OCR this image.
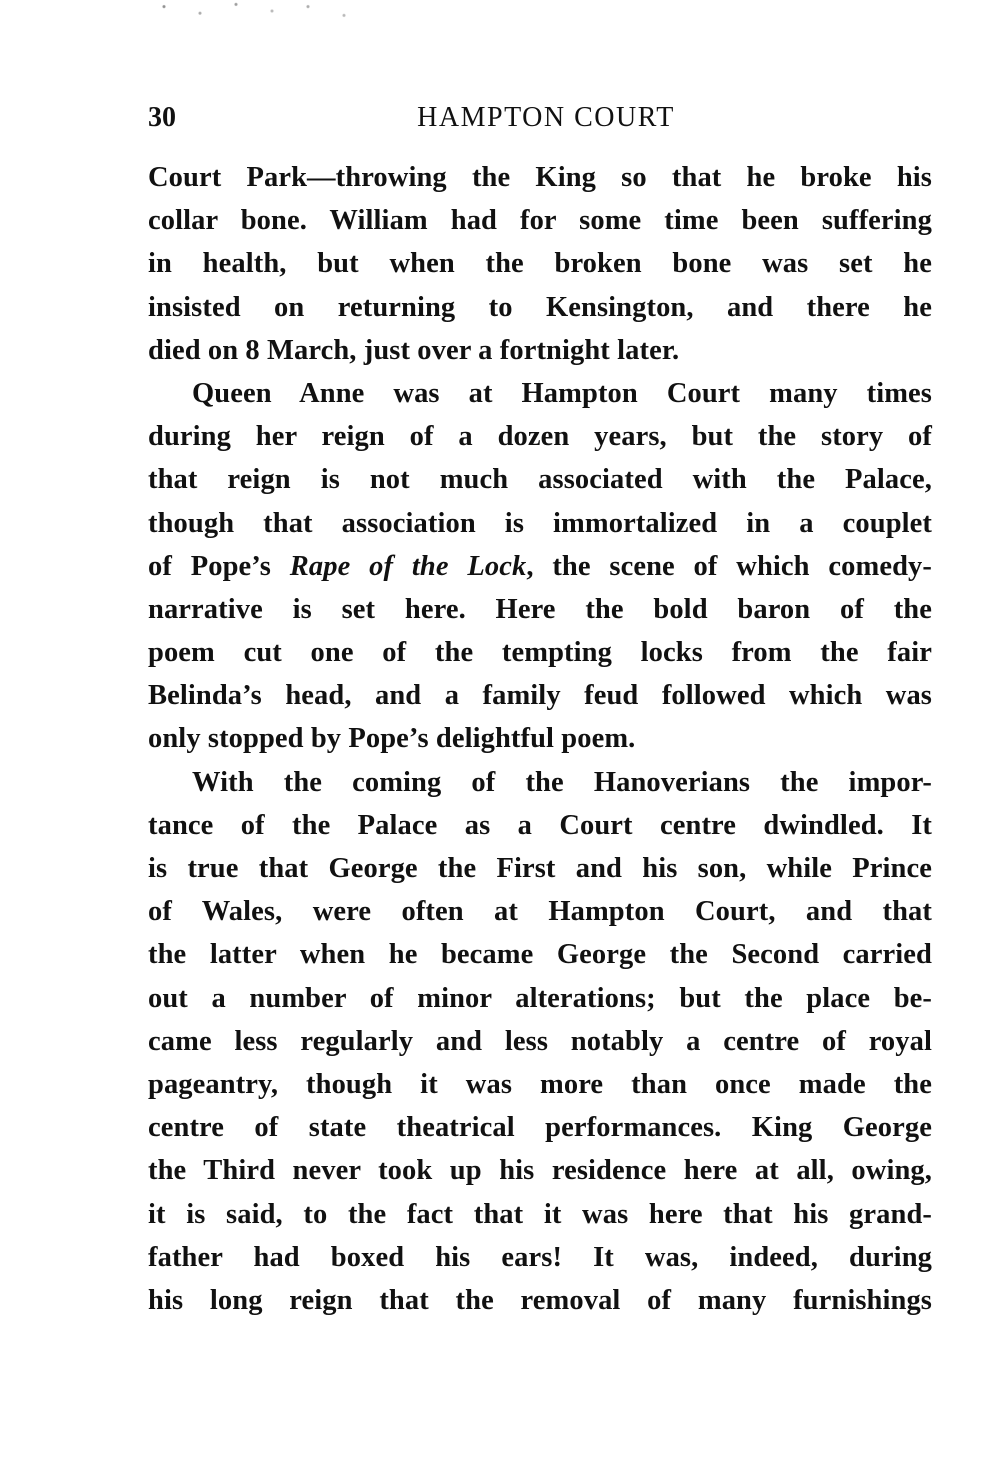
30	HAMPTON COURT
Court Park—throwing the King so that he broke his
collar bone. William had for some time been suffering
in health, but when the broken bone was set he
insisted on returning to Kensington, and there he
died on 8 March, just over a fortnight later.
Queen Anne was at Hampton Court many times
during her reign of a dozen years, but the story of
that reign is not much associated with the Palace,
though that association is immortalized in a couplet
of Pope’s Rape of the Lock, the scene of which comedy-
narrative is set here. Here the bold baron of the
poem cut one of the tempting locks from the fair
Belinda’s head, and a family feud followed which was
only stopped by Pope’s delightful poem.
With the coming of the Hanoverians the impor-
tance of the Palace as a Court centre dwindled. It
is true that George the First and his son, while Prince
of Wales, were often at Hampton Court, and that
the latter when he became George the Second carried
out a number of minor alterations; but the place be-
came less regularly and less notably a centre of royal
pageantry, though it was more than once made the
centre of state theatrical performances. King George
the Third never took up his residence here at all, owing,
it is said, to the fact that it was here that his grand-
father had boxed his ears! It was, indeed, during
his long reign that the removal of many furnishings
